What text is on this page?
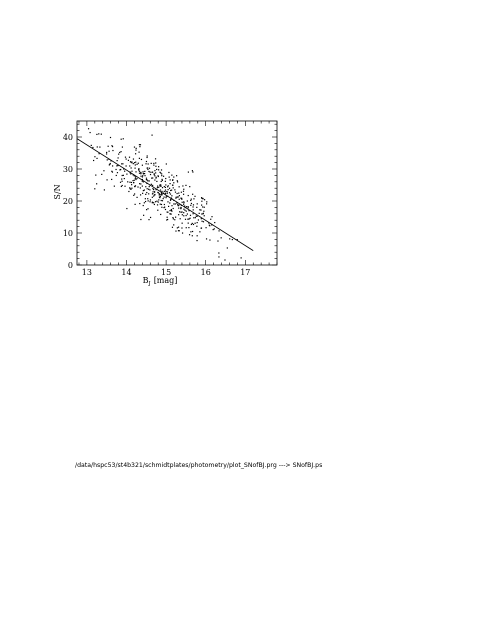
13	14	15	16	17
0
10
20
30
40
$B_J$ [mag]
S/N
/data/hspc53/st4b321/schmidtplates/photometry/plot_SNofBJ.prg ---> SNofBJ.ps
